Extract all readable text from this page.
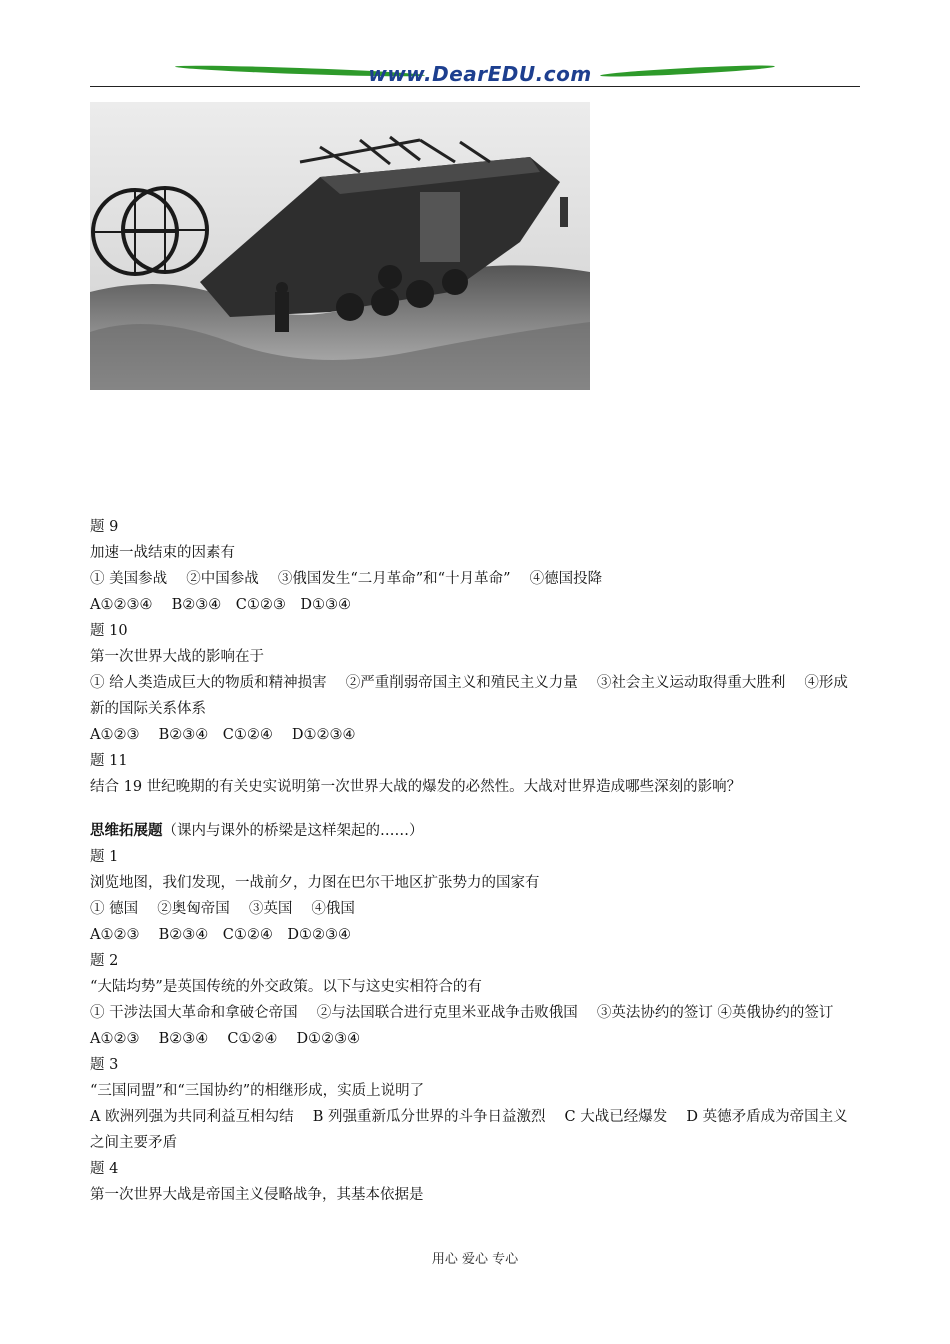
www.DearEDU.com
题 9
加速一战结束的因素有
① 美国参战　 ②中国参战　 ③俄国发生“二月革命”和“十月革命”　 ④德国投降
A①②③④　 B②③④　C①②③　D①③④
题 10
第一次世界大战的影响在于
① 给人类造成巨大的物质和精神损害　 ②严重削弱帝国主义和殖民主义力量　 ③社会主义运动取得重大胜利　 ④形成新的国际关系体系
A①②③　 B②③④　C①②④　 D①②③④
题 11
结合 19 世纪晚期的有关史实说明第一次世界大战的爆发的必然性。大战对世界造成哪些深刻的影响？
思维拓展题（课内与课外的桥梁是这样架起的……）
题 1
浏览地图，我们发现，一战前夕，力图在巴尔干地区扩张势力的国家有
① 德国　 ②奥匈帝国　 ③英国　 ④俄国
A①②③　 B②③④　C①②④　D①②③④
题 2
“大陆均势”是英国传统的外交政策。以下与这史实相符合的有
① 干涉法国大革命和拿破仑帝国　 ②与法国联合进行克里米亚战争击败俄国　 ③英法协约的签订 ④英俄协约的签订
A①②③　 B②③④　 C①②④　 D①②③④
题 3
“三国同盟”和“三国协约”的相继形成，实质上说明了
A 欧洲列强为共同利益互相勾结　 B 列强重新瓜分世界的斗争日益激烈　 C 大战已经爆发　 D 英德矛盾成为帝国主义之间主要矛盾
题 4
第一次世界大战是帝国主义侵略战争，其基本依据是
用心 爱心 专心
